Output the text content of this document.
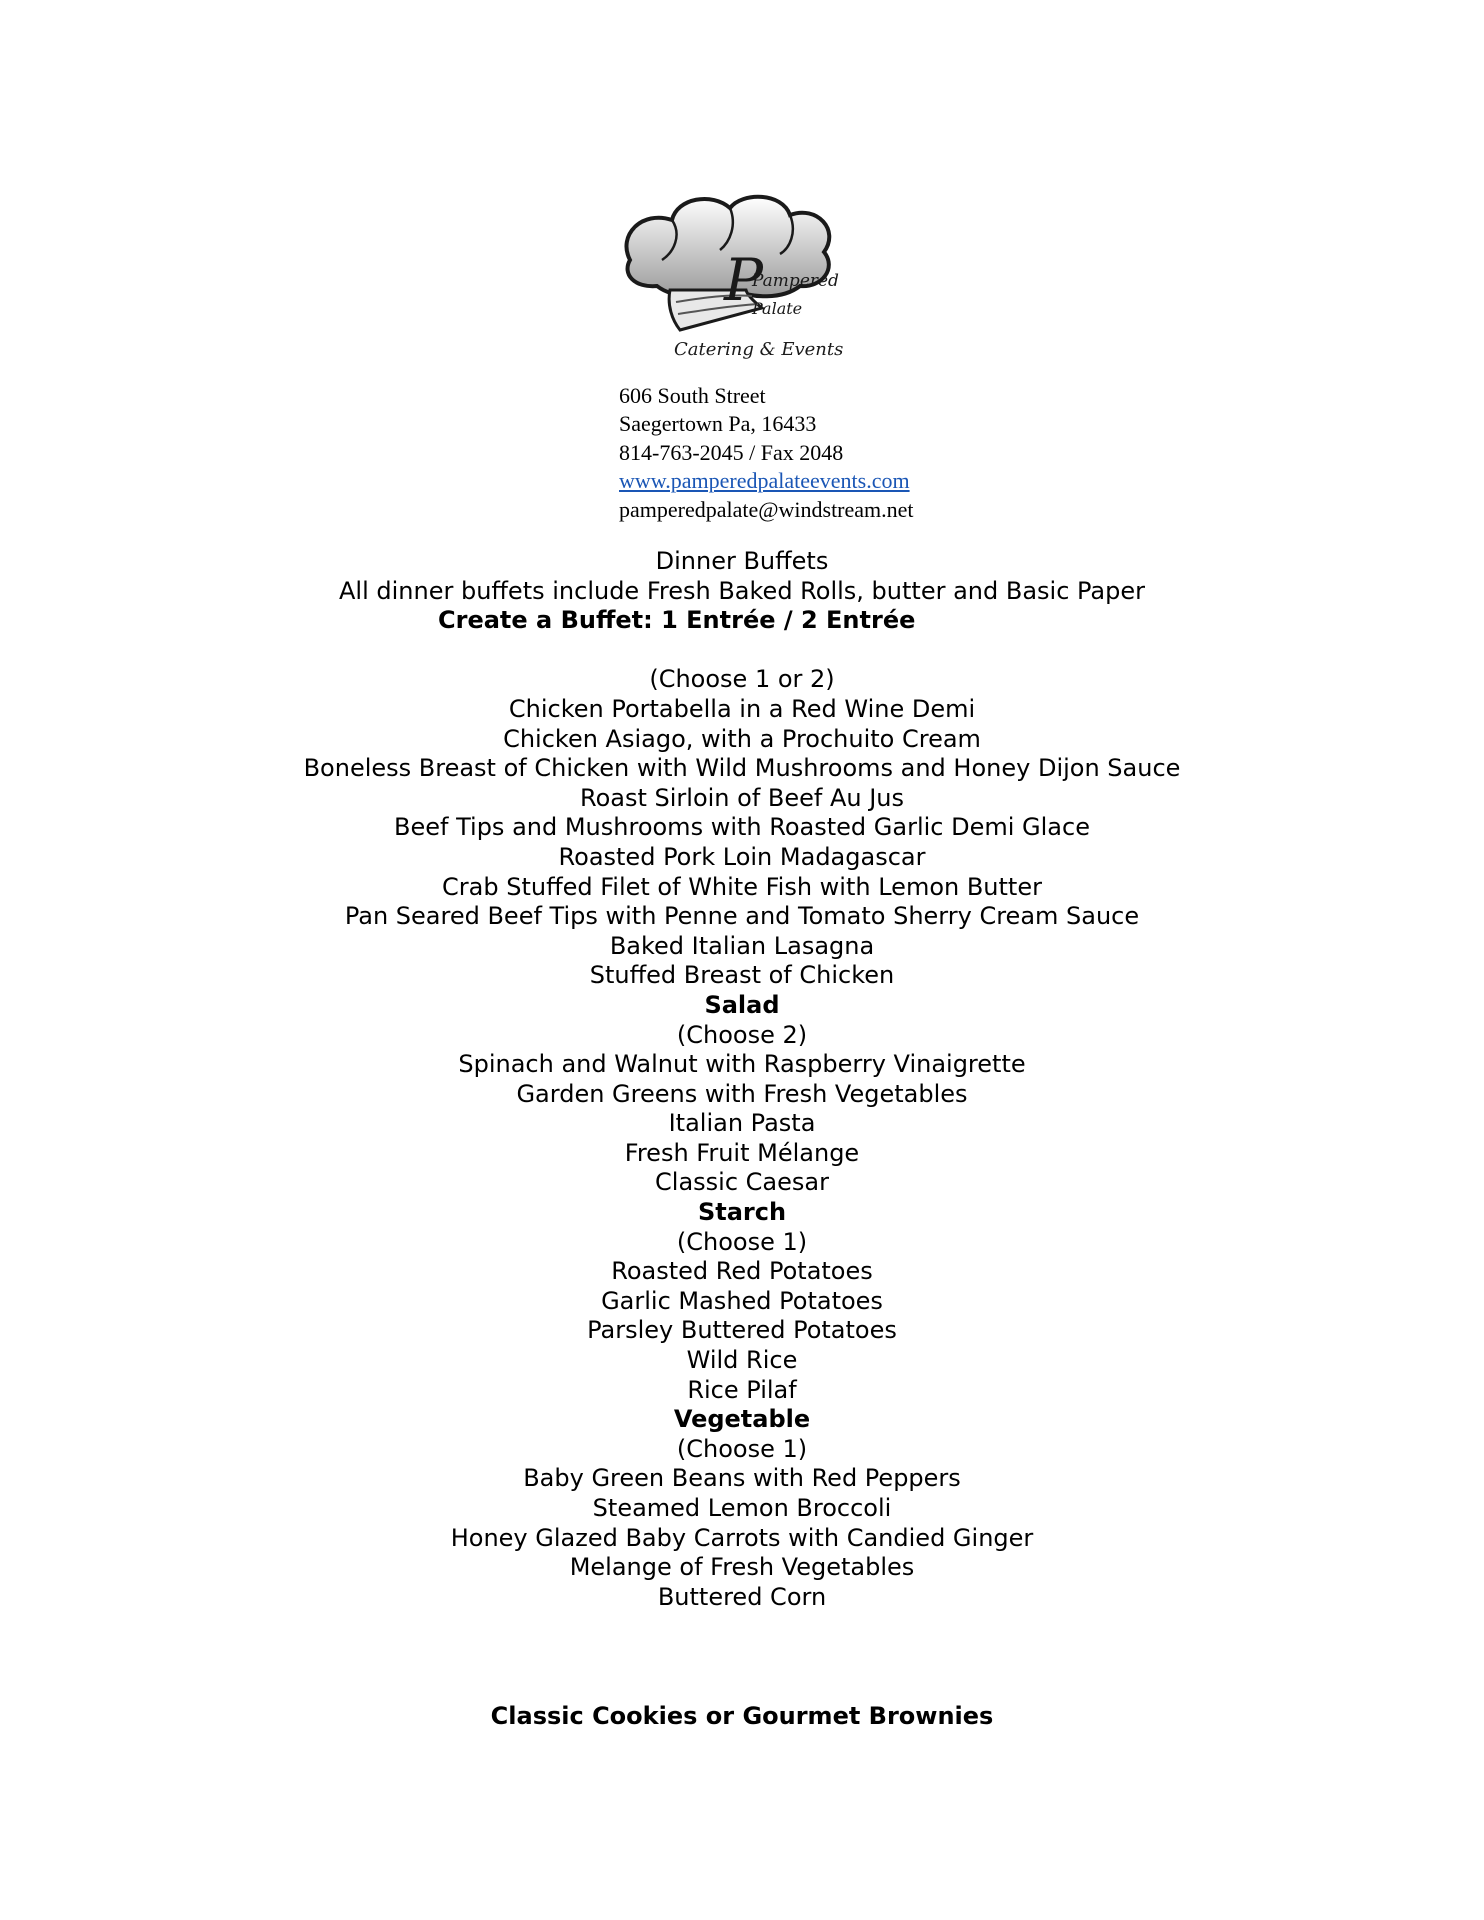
P
Pampered
Palate
Catering & Events
606 South Street
Saegertown Pa, 16433
814-763-2045 / Fax 2048
www.pamperedpalateevents.com
pamperedpalate@windstream.net
Dinner Buffets
All dinner buffets include Fresh Baked Rolls, butter and Basic Paper
Create a Buffet: 1 Entrée / 2 Entrée
(Choose 1 or 2)
Chicken Portabella in a Red Wine Demi
Chicken Asiago, with a Prochuito Cream
Boneless Breast of Chicken with Wild Mushrooms and Honey Dijon Sauce
Roast Sirloin of Beef Au Jus
Beef Tips and Mushrooms with Roasted Garlic Demi Glace
Roasted Pork Loin Madagascar
Crab Stuffed Filet of White Fish with Lemon Butter
Pan Seared Beef Tips with Penne and Tomato Sherry Cream Sauce
Baked Italian Lasagna
Stuffed Breast of Chicken
Salad
(Choose 2)
Spinach and Walnut with Raspberry Vinaigrette
Garden Greens with Fresh Vegetables
Italian Pasta
Fresh Fruit Mélange
Classic Caesar
Starch
(Choose 1)
Roasted Red Potatoes
Garlic Mashed Potatoes
Parsley Buttered Potatoes
Wild Rice
Rice Pilaf
Vegetable
(Choose 1)
Baby Green Beans with Red Peppers
Steamed Lemon Broccoli
Honey Glazed Baby Carrots with Candied Ginger
Melange of Fresh Vegetables
Buttered Corn
Classic Cookies or Gourmet Brownies
